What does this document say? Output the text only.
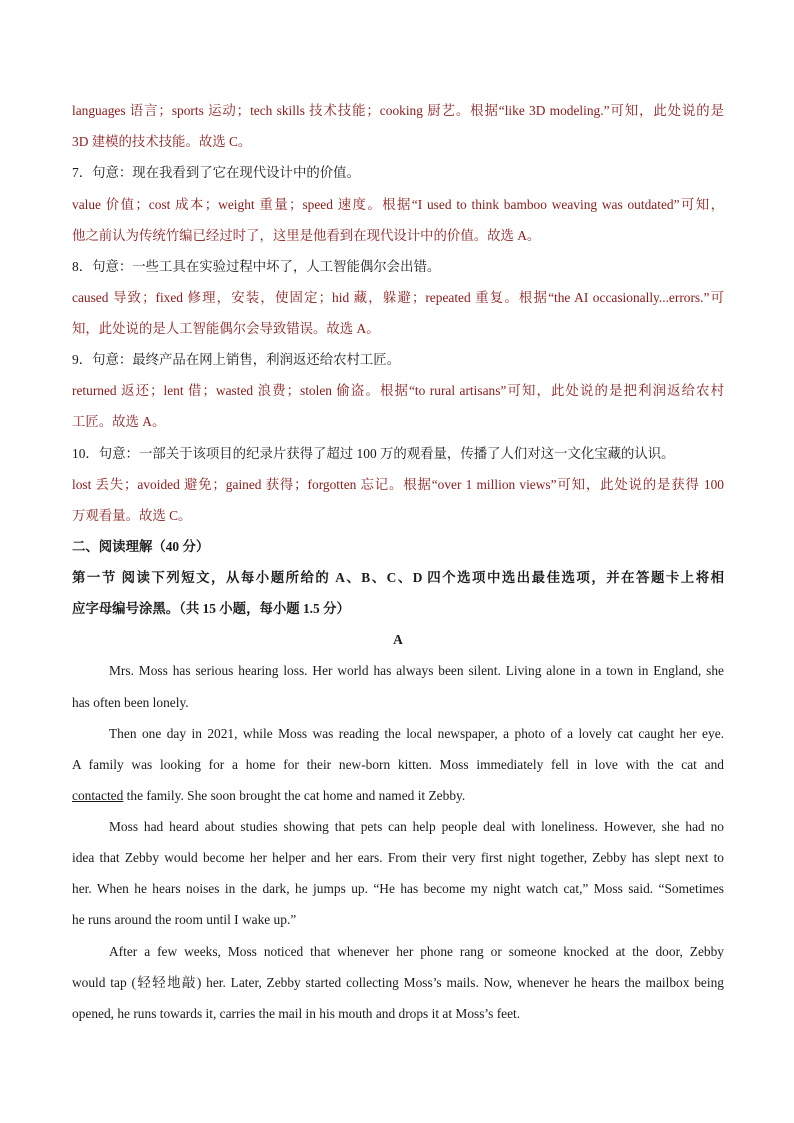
languages 语言；sports 运动；tech skills 技术技能；cooking 厨艺。根据“like 3D modeling.”可知，此处说的是
3D 建模的技术技能。故选 C。
7．句意：现在我看到了它在现代设计中的价值。
value 价值；cost 成本；weight 重量；speed 速度。根据“I used to think bamboo weaving was outdated”可知，
他之前认为传统竹编已经过时了，这里是他看到在现代设计中的价值。故选 A。
8．句意：一些工具在实验过程中坏了，人工智能偶尔会出错。
caused 导致；fixed 修理，安装，使固定；hid 藏，躲避；repeated 重复。根据“the AI occasionally...errors.”可
知，此处说的是人工智能偶尔会导致错误。故选 A。
9．句意：最终产品在网上销售，利润返还给农村工匠。
returned 返还；lent 借；wasted 浪费；stolen 偷盗。根据“to rural artisans”可知，此处说的是把利润返给农村
工匠。故选 A。
10．句意：一部关于该项目的纪录片获得了超过 100 万的观看量，传播了人们对这一文化宝藏的认识。
lost 丢失；avoided 避免；gained 获得；forgotten 忘记。根据“over 1 million views”可知，此处说的是获得 100
万观看量。故选 C。
二、阅读理解（40 分）
第一节 阅读下列短文，从每小题所给的 A、B、C、D 四个选项中选出最佳选项，并在答题卡上将相
应字母编号涂黑。（共 15 小题，每小题 1.5 分）
A
Mrs. Moss has serious hearing loss. Her world has always been silent. Living alone in a town in England, she
has often been lonely.
Then one day in 2021, while Moss was reading the local newspaper, a photo of a lovely cat caught her eye.
A family was looking for a home for their new-born kitten. Moss immediately fell in love with the cat and
contacted the family. She soon brought the cat home and named it Zebby.
Moss had heard about studies showing that pets can help people deal with loneliness. However, she had no
idea that Zebby would become her helper and her ears. From their very first night together, Zebby has slept next to
her. When he hears noises in the dark, he jumps up. “He has become my night watch cat,” Moss said. “Sometimes
he runs around the room until I wake up.”
After a few weeks, Moss noticed that whenever her phone rang or someone knocked at the door, Zebby
would tap (轻轻地敲) her. Later, Zebby started collecting Moss’s mails. Now, whenever he hears the mailbox being
opened, he runs towards it, carries the mail in his mouth and drops it at Moss’s feet.
